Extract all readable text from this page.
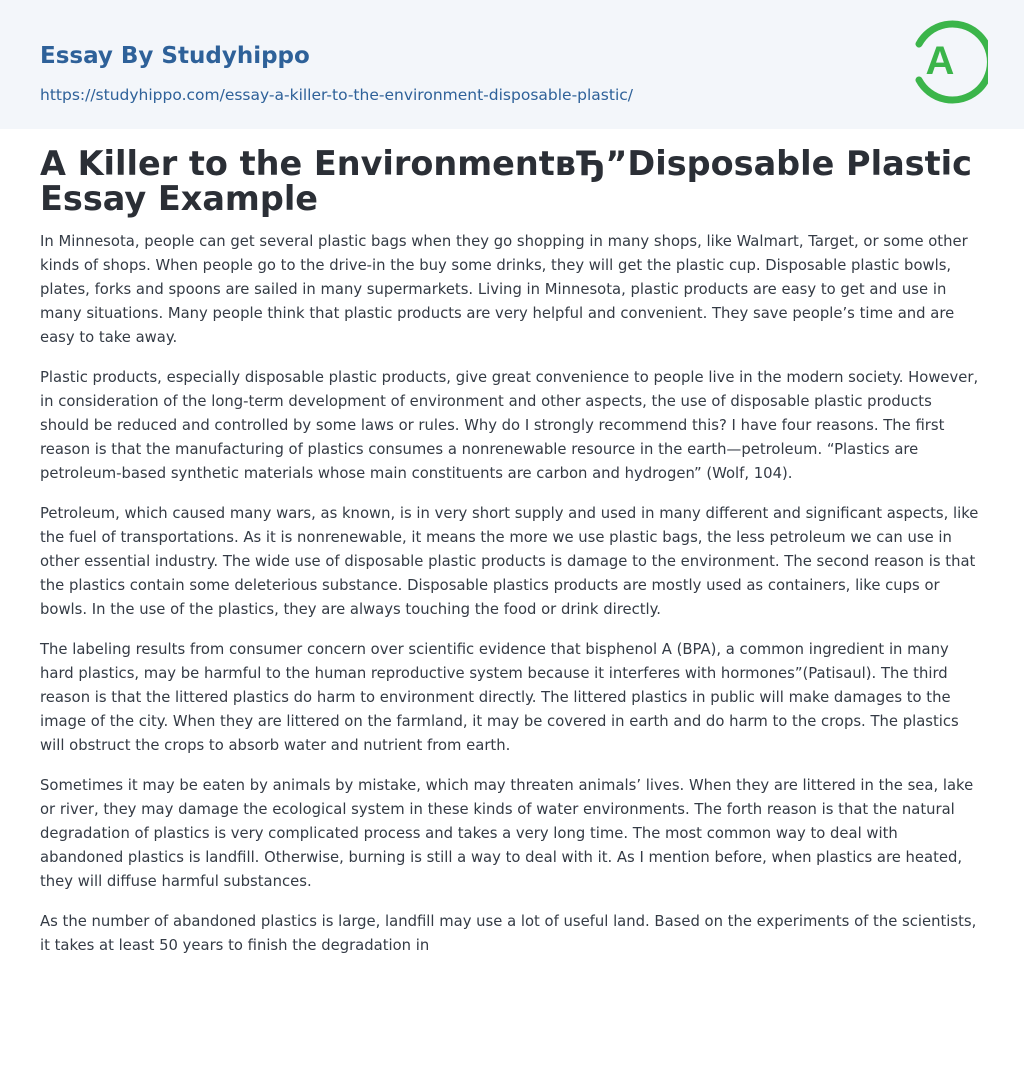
Essay By Studyhippo
https://studyhippo.com/essay-a-killer-to-the-environment-disposable-plastic/
A
A Killer to the EnvironmentвЂ”Disposable Plastic Essay Example

In Minnesota, people can get several plastic bags when they go shopping in many shops, like Walmart, Target, or some other kinds of shops. When people go to the drive-in the buy some drinks, they will get the plastic cup. Disposable plastic bowls, plates, forks and spoons are sailed in many supermarkets. Living in Minnesota, plastic products are easy to get and use in many situations. Many people think that plastic products are very helpful and convenient. They save people’s time and are easy to take away.

Plastic products, especially disposable plastic products, give great convenience to people live in the modern society. However, in consideration of the long-term development of environment and other aspects, the use of disposable plastic products should be reduced and controlled by some laws or rules. Why do I strongly recommend this? I have four reasons. The first reason is that the manufacturing of plastics consumes a nonrenewable resource in the earth—petroleum. “Plastics are petroleum-based synthetic materials whose main constituents are carbon and hydrogen” (Wolf, 104).

Petroleum, which caused many wars, as known, is in very short supply and used in many different and significant aspects, like the fuel of transportations. As it is nonrenewable, it means the more we use plastic bags, the less petroleum we can use in other essential industry. The wide use of disposable plastic products is damage to the environment. The second reason is that the plastics contain some deleterious substance. Disposable plastics products are mostly used as containers, like cups or bowls. In the use of the plastics, they are always touching the food or drink directly.

The labeling results from consumer concern over scientific evidence that bisphenol A (BPA), a common ingredient in many hard plastics, may be harmful to the human reproductive system because it interferes with hormones”(Patisaul). The third reason is that the littered plastics do harm to environment directly. The littered plastics in public will make damages to the image of the city. When they are littered on the farmland, it may be covered in earth and do harm to the crops. The plastics will obstruct the crops to absorb water and nutrient from earth.

Sometimes it may be eaten by animals by mistake, which may threaten animals’ lives. When they are littered in the sea, lake or river, they may damage the ecological system in these kinds of water environments. The forth reason is that the natural degradation of plastics is very complicated process and takes a very long time. The most common way to deal with abandoned plastics is landfill. Otherwise, burning is still a way to deal with it. As I mention before, when plastics are heated, they will diffuse harmful substances.

As the number of abandoned plastics is large, landfill may use a lot of useful land. Based on the experiments of the scientists, it takes at least 50 years to finish the degradation in
